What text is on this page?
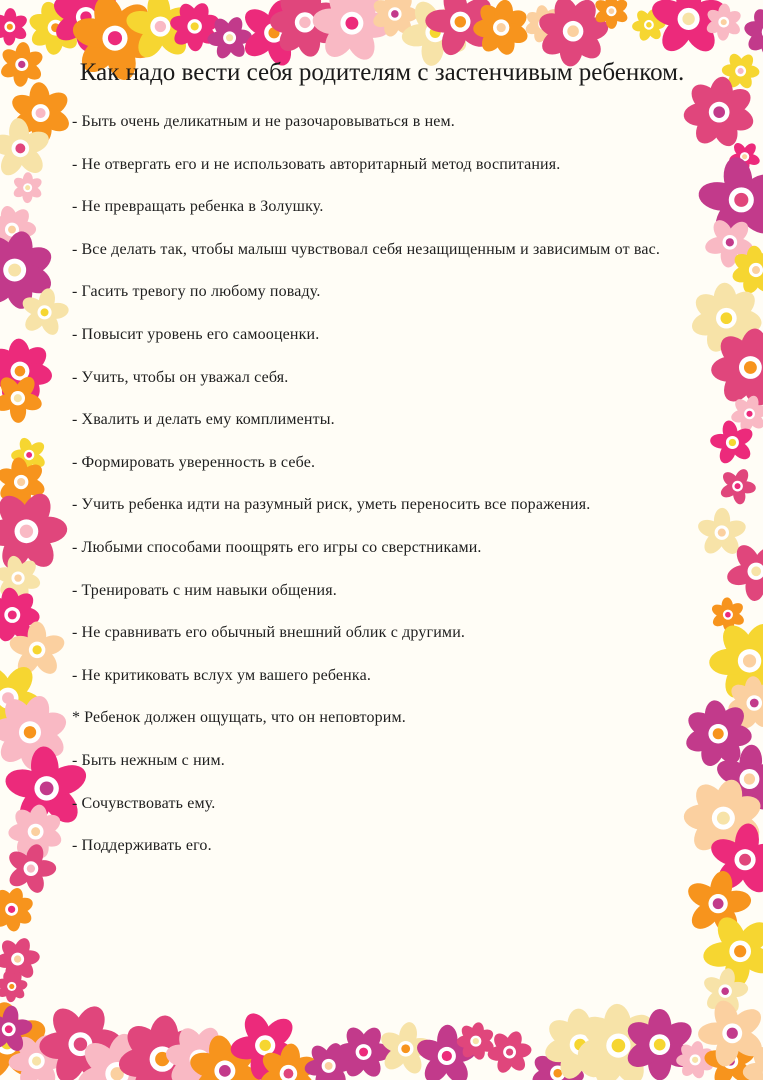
Как надо вести себя родителям с застенчивым ребенком.
- Быть очень деликатным и не разочаровываться в нем.
- Не отвергать его и не использовать авторитарный метод воспитания.
- Не превращать ребенка в Золушку.
- Все делать так, чтобы малыш чувствовал себя незащищенным и зависимым от вас.
- Гасить тревогу по любому поваду.
- Повысит уровень его самооценки.
- Учить, чтобы он уважал себя.
- Хвалить и делать ему комплименты.
- Формировать уверенность в себе.
- Учить ребенка идти на разумный риск, уметь переносить все поражения.
- Любыми способами поощрять его игры со сверстниками.
- Тренировать с ним навыки общения.
- Не сравнивать его обычный внешний облик с другими.
- Не критиковать вслух ум вашего ребенка.
* Ребенок должен ощущать, что он неповторим.
- Быть нежным с ним.
- Сочувствовать ему.
- Поддерживать его.
